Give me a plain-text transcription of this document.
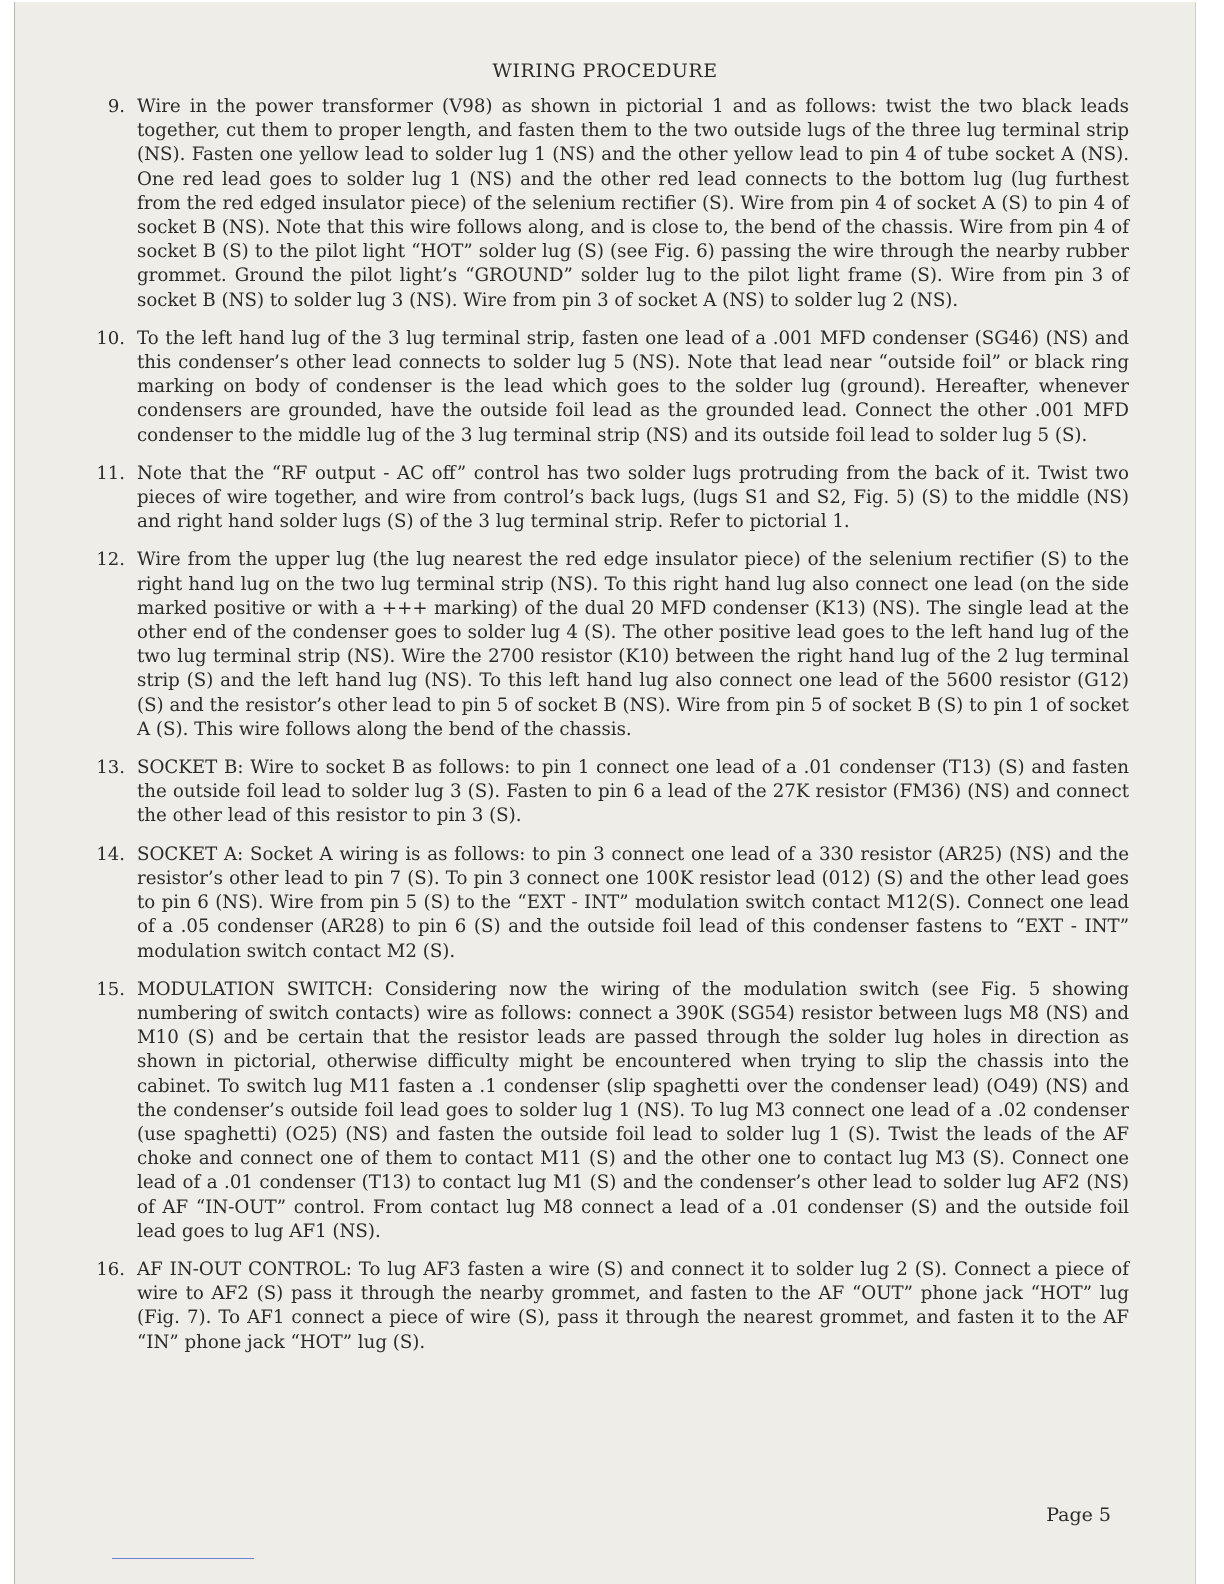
WIRING PROCEDURE
9. Wire in the power transformer (V98) as shown in pictorial 1 and as follows: twist the two black leads together, cut them to proper length, and fasten them to the two outside lugs of the three lug terminal strip (NS). Fasten one yellow lead to solder lug 1 (NS) and the other yellow lead to pin 4 of tube socket A (NS). One red lead goes to solder lug 1 (NS) and the other red lead connects to the bottom lug (lug furthest from the red edged insulator piece) of the selenium rectifier (S). Wire from pin 4 of socket A (S) to pin 4 of socket B (NS). Note that this wire follows along, and is close to, the bend of the chassis. Wire from pin 4 of socket B (S) to the pilot light “HOT” solder lug (S) (see Fig. 6) passing the wire through the nearby rubber grommet. Ground the pilot light’s “GROUND” solder lug to the pilot light frame (S). Wire from pin 3 of socket B (NS) to solder lug 3 (NS). Wire from pin 3 of socket A (NS) to solder lug 2 (NS).

10. To the left hand lug of the 3 lug terminal strip, fasten one lead of a .001 MFD condenser (SG46) (NS) and this condenser’s other lead connects to solder lug 5 (NS). Note that lead near “outside foil” or black ring marking on body of condenser is the lead which goes to the solder lug (ground). Hereafter, whenever condensers are grounded, have the outside foil lead as the grounded lead. Connect the other .001 MFD condenser to the middle lug of the 3 lug terminal strip (NS) and its outside foil lead to solder lug 5 (S).

11. Note that the “RF output - AC off” control has two solder lugs protruding from the back of it. Twist two pieces of wire together, and wire from control’s back lugs, (lugs S1 and S2, Fig. 5) (S) to the middle (NS) and right hand solder lugs (S) of the 3 lug terminal strip. Refer to pictorial 1.

12. Wire from the upper lug (the lug nearest the red edge insulator piece) of the selenium rectifier (S) to the right hand lug on the two lug terminal strip (NS). To this right hand lug also connect one lead (on the side marked positive or with a +++ marking) of the dual 20 MFD condenser (K13) (NS). The single lead at the other end of the condenser goes to solder lug 4 (S). The other positive lead goes to the left hand lug of the two lug terminal strip (NS). Wire the 2700 resistor (K10) between the right hand lug of the 2 lug terminal strip (S) and the left hand lug (NS). To this left hand lug also connect one lead of the 5600 resistor (G12) (S) and the resistor’s other lead to pin 5 of socket B (NS). Wire from pin 5 of socket B (S) to pin 1 of socket A (S). This wire follows along the bend of the chassis.

13. SOCKET B: Wire to socket B as follows: to pin 1 connect one lead of a .01 condenser (T13) (S) and fasten the outside foil lead to solder lug 3 (S). Fasten to pin 6 a lead of the 27K resistor (FM36) (NS) and connect the other lead of this resistor to pin 3 (S).

14. SOCKET A: Socket A wiring is as follows: to pin 3 connect one lead of a 330 resistor (AR25) (NS) and the resistor’s other lead to pin 7 (S). To pin 3 connect one 100K resistor lead (012) (S) and the other lead goes to pin 6 (NS). Wire from pin 5 (S) to the “EXT - INT” modulation switch contact M12(S). Connect one lead of a .05 condenser (AR28) to pin 6 (S) and the outside foil lead of this condenser fastens to “EXT - INT” modulation switch contact M2 (S).

15. MODULATION SWITCH: Considering now the wiring of the modulation switch (see Fig. 5 showing numbering of switch contacts) wire as follows: connect a 390K (SG54) resistor between lugs M8 (NS) and M10 (S) and be certain that the resistor leads are passed through the solder lug holes in direction as shown in pictorial, otherwise difficulty might be encountered when trying to slip the chassis into the cabinet. To switch lug M11 fasten a .1 condenser (slip spaghetti over the condenser lead) (O49) (NS) and the condenser’s outside foil lead goes to solder lug 1 (NS). To lug M3 connect one lead of a .02 condenser (use spaghetti) (O25) (NS) and fasten the outside foil lead to solder lug 1 (S). Twist the leads of the AF choke and connect one of them to contact M11 (S) and the other one to contact lug M3 (S). Connect one lead of a .01 condenser (T13) to contact lug M1 (S) and the condenser’s other lead to solder lug AF2 (NS) of AF “IN-OUT” control. From contact lug M8 connect a lead of a .01 condenser (S) and the outside foil lead goes to lug AF1 (NS).

16. AF IN-OUT CONTROL: To lug AF3 fasten a wire (S) and connect it to solder lug 2 (S). Connect a piece of wire to AF2 (S) pass it through the nearby grommet, and fasten to the AF “OUT” phone jack “HOT” lug (Fig. 7). To AF1 connect a piece of wire (S), pass it through the nearest grommet, and fasten it to the AF “IN” phone jack “HOT” lug (S).

Page 5
